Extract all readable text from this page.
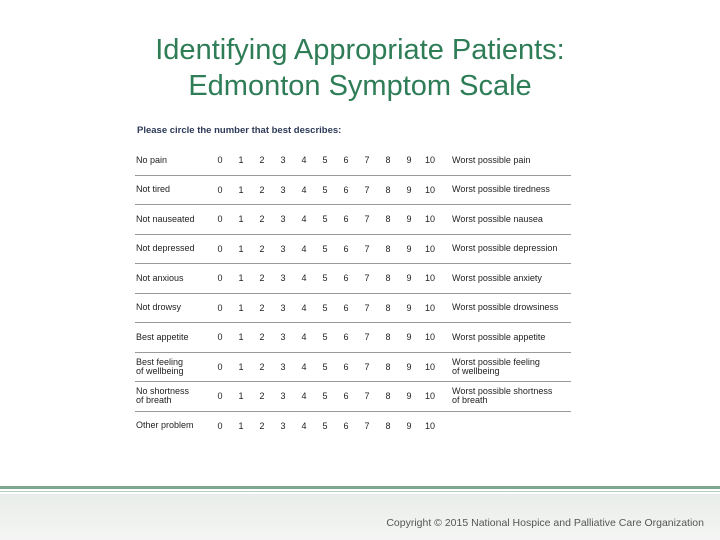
Identifying Appropriate Patients:
Edmonton Symptom Scale
Please circle the number that best describes:
No pain	0	1	2	3	4	5	6	7	8	9	10	Worst possible pain
Not tired	0	1	2	3	4	5	6	7	8	9	10	Worst possible tiredness
Not nauseated	0	1	2	3	4	5	6	7	8	9	10	Worst possible nausea
Not depressed	0	1	2	3	4	5	6	7	8	9	10	Worst possible depression
Not anxious	0	1	2	3	4	5	6	7	8	9	10	Worst possible anxiety
Not drowsy	0	1	2	3	4	5	6	7	8	9	10	Worst possible drowsiness
Best appetite	0	1	2	3	4	5	6	7	8	9	10	Worst possible appetite
Best feeling
of wellbeing	0	1	2	3	4	5	6	7	8	9	10	Worst possible feeling
of wellbeing
No shortness
of breath	0	1	2	3	4	5	6	7	8	9	10	Worst possible shortness
of breath
Other problem	0	1	2	3	4	5	6	7	8	9	10
Copyright © 2015 National Hospice and Palliative Care Organization
